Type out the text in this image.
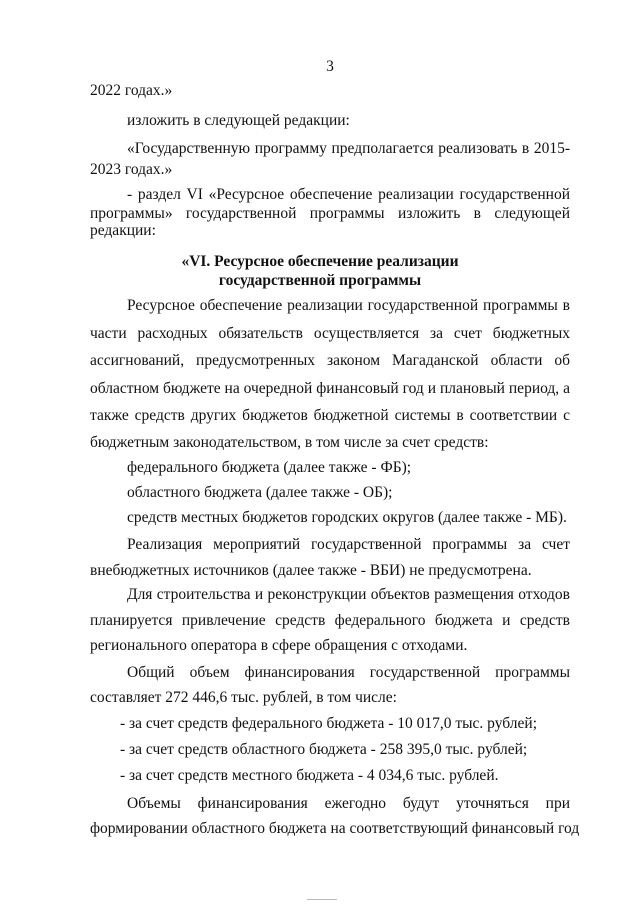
3
2022 годах.»
изложить в следующей редакции:
«Государственную программу предполагается реализовать в 2015-
2023 годах.»
- раздел VI «Ресурсное обеспечение реализации государственной
программы» государственной программы изложить в следующей
редакции:
«VI. Ресурсное обеспечение реализации
государственной программы
Ресурсное обеспечение реализации государственной программы в
части расходных обязательств осуществляется за счет бюджетных
ассигнований, предусмотренных законом Магаданской области об
областном бюджете на очередной финансовый год и плановый период, а
также средств других бюджетов бюджетной системы в соответствии с
бюджетным законодательством, в том числе за счет средств:
федерального бюджета (далее также - ФБ);
областного бюджета (далее также - ОБ);
средств местных бюджетов городских округов (далее также - МБ).
Реализация мероприятий государственной программы за счет
внебюджетных источников (далее также - ВБИ) не предусмотрена.
Для строительства и реконструкции объектов размещения отходов
планируется привлечение средств федерального бюджета и средств
регионального оператора в сфере обращения с отходами.
Общий объем финансирования государственной программы
составляет 272 446,6 тыс. рублей, в том числе:
- за счет средств федерального бюджета - 10 017,0 тыс. рублей;
- за счет средств областного бюджета - 258 395,0 тыс. рублей;
- за счет средств местного бюджета - 4 034,6 тыс. рублей.
Объемы финансирования ежегодно будут уточняться при
формировании областного бюджета на соответствующий финансовый год
